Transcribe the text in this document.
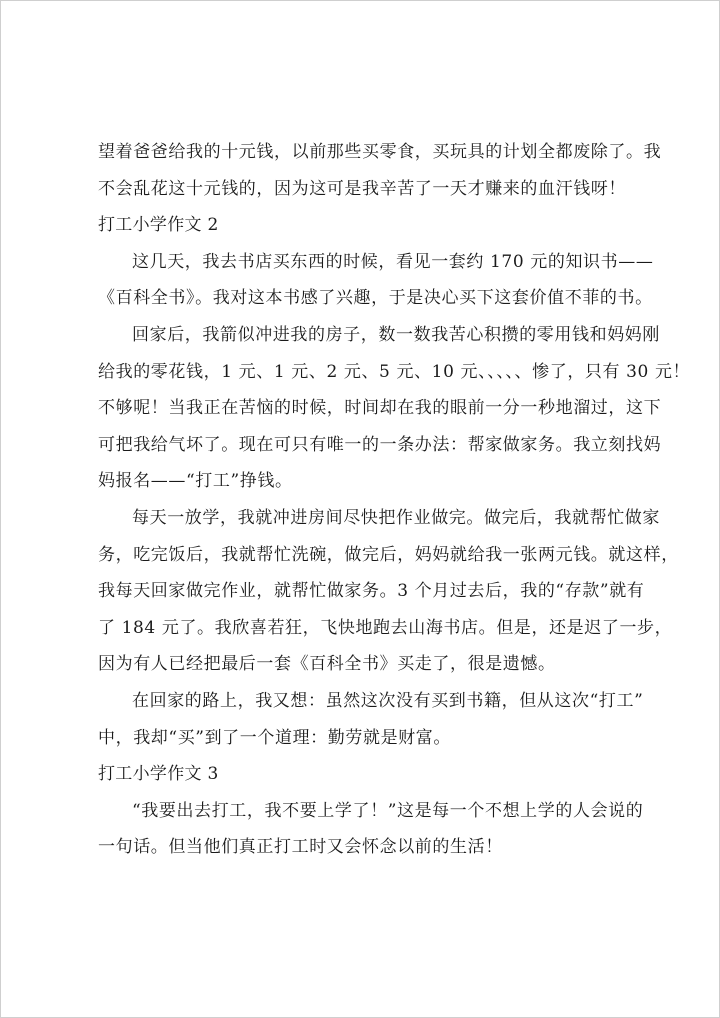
望着爸爸给我的十元钱，以前那些买零食，买玩具的计划全都废除了。我
不会乱花这十元钱的，因为这可是我辛苦了一天才赚来的血汗钱呀！
打工小学作文 2
这几天，我去书店买东西的时候，看见一套约 170 元的知识书——
《百科全书》。我对这本书感了兴趣，于是决心买下这套价值不菲的书。
回家后，我箭似冲进我的房子，数一数我苦心积攒的零用钱和妈妈刚
给我的零花钱，1 元、1 元、2 元、5 元、10 元、、、、、惨了，只有 30 元！
不够呢！当我正在苦恼的时候，时间却在我的眼前一分一秒地溜过，这下
可把我给气坏了。现在可只有唯一的一条办法：帮家做家务。我立刻找妈
妈报名——“打工”挣钱。
每天一放学，我就冲进房间尽快把作业做完。做完后，我就帮忙做家
务，吃完饭后，我就帮忙洗碗，做完后，妈妈就给我一张两元钱。就这样，
我每天回家做完作业，就帮忙做家务。3 个月过去后，我的“存款”就有
了 184 元了。我欣喜若狂，飞快地跑去山海书店。但是，还是迟了一步，
因为有人已经把最后一套《百科全书》买走了，很是遗憾。
在回家的路上，我又想：虽然这次没有买到书籍，但从这次“打工”
中，我却“买”到了一个道理：勤劳就是财富。
打工小学作文 3
“我要出去打工，我不要上学了！”这是每一个不想上学的人会说的
一句话。但当他们真正打工时又会怀念以前的生活！
